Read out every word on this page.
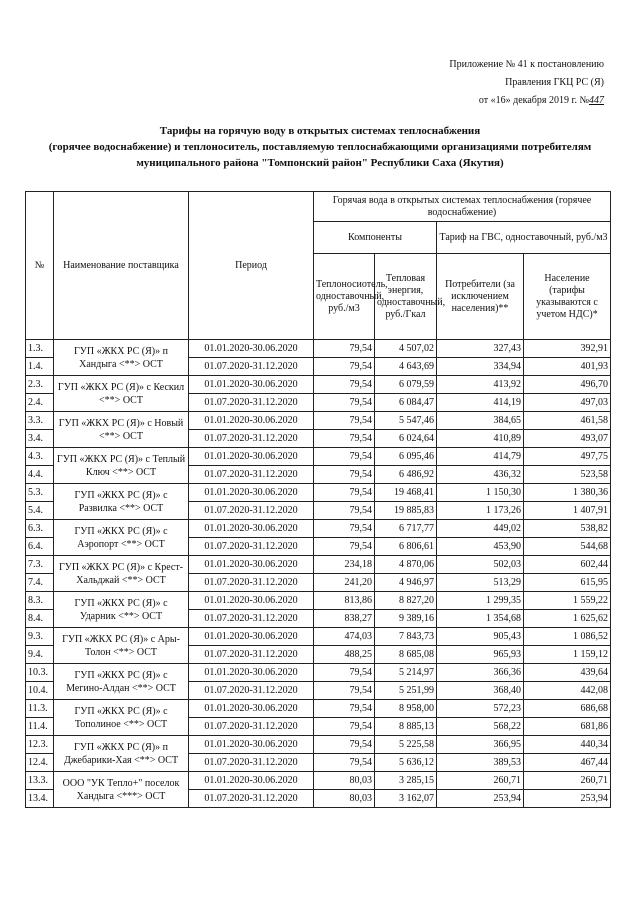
Приложение № 41 к постановлению
Правления ГКЦ РС (Я)
от «16» декабря 2019 г. №447
Тарифы на горячую воду в открытых системах теплоснабжения
(горячее водоснабжение) и теплоноситель, поставляемую теплоснабжающими организациями потребителям
муниципального района "Томпонский район" Республики Саха (Якутия)
№	Наименование поставщика	Период	Горячая вода в открытых системах теплоснабжения (горячее водоснабжение)			
			Компоненты		Тариф на ГВС, одноставочный, руб./м3	
			Теплоносиотель, одноставочный, руб./м3	Тепловая энергия, одноставочный, руб./Гкал	Потребители (за исключением населения)**	Население (тарифы указываются с учетом НДС)*
1.3.	ГУП «ЖКХ РС (Я)» п Хандыга <**> ОСТ	01.01.2020-30.06.2020	79,54	4 507,02	327,43	392,91
1.4.		01.07.2020-31.12.2020	79,54	4 643,69	334,94	401,93
2.3.	ГУП «ЖКХ РС (Я)» с Кескил <**> ОСТ	01.01.2020-30.06.2020	79,54	6 079,59	413,92	496,70
2.4.		01.07.2020-31.12.2020	79,54	6 084,47	414,19	497,03
3.3.	ГУП «ЖКХ РС (Я)» с Новый <**> ОСТ	01.01.2020-30.06.2020	79,54	5 547,46	384,65	461,58
3.4.		01.07.2020-31.12.2020	79,54	6 024,64	410,89	493,07
4.3.	ГУП «ЖКХ РС (Я)» с Теплый Ключ <**> ОСТ	01.01.2020-30.06.2020	79,54	6 095,46	414,79	497,75
4.4.		01.07.2020-31.12.2020	79,54	6 486,92	436,32	523,58
5.3.	ГУП «ЖКХ РС (Я)» с Развилка <**> ОСТ	01.01.2020-30.06.2020	79,54	19 468,41	1 150,30	1 380,36
5.4.		01.07.2020-31.12.2020	79,54	19 885,83	1 173,26	1 407,91
6.3.	ГУП «ЖКХ РС (Я)» с Аэропорт <**> ОСТ	01.01.2020-30.06.2020	79,54	6 717,77	449,02	538,82
6.4.		01.07.2020-31.12.2020	79,54	6 806,61	453,90	544,68
7.3.	ГУП «ЖКХ РС (Я)» с Крест-Хальджай <**> ОСТ	01.01.2020-30.06.2020	234,18	4 870,06	502,03	602,44
7.4.		01.07.2020-31.12.2020	241,20	4 946,97	513,29	615,95
8.3.	ГУП «ЖКХ РС (Я)» с Ударник <**> ОСТ	01.01.2020-30.06.2020	813,86	8 827,20	1 299,35	1 559,22
8.4.		01.07.2020-31.12.2020	838,27	9 389,16	1 354,68	1 625,62
9.3.	ГУП «ЖКХ РС (Я)» с Ары-Толон <**> ОСТ	01.01.2020-30.06.2020	474,03	7 843,73	905,43	1 086,52
9.4.		01.07.2020-31.12.2020	488,25	8 685,08	965,93	1 159,12
10.3.	ГУП «ЖКХ РС (Я)» с Мегино-Алдан <**> ОСТ	01.01.2020-30.06.2020	79,54	5 214,97	366,36	439,64
10.4.		01.07.2020-31.12.2020	79,54	5 251,99	368,40	442,08
11.3.	ГУП «ЖКХ РС (Я)» с Тополиное <**> ОСТ	01.01.2020-30.06.2020	79,54	8 958,00	572,23	686,68
11.4.		01.07.2020-31.12.2020	79,54	8 885,13	568,22	681,86
12.3.	ГУП «ЖКХ РС (Я)» п Джебарики-Хая <**> ОСТ	01.01.2020-30.06.2020	79,54	5 225,58	366,95	440,34
12.4.		01.07.2020-31.12.2020	79,54	5 636,12	389,53	467,44
13.3.	ООО "УК Тепло+" поселок Хандыга <***> ОСТ	01.01.2020-30.06.2020	80,03	3 285,15	260,71	260,71
13.4.		01.07.2020-31.12.2020	80,03	3 162,07	253,94	253,94
